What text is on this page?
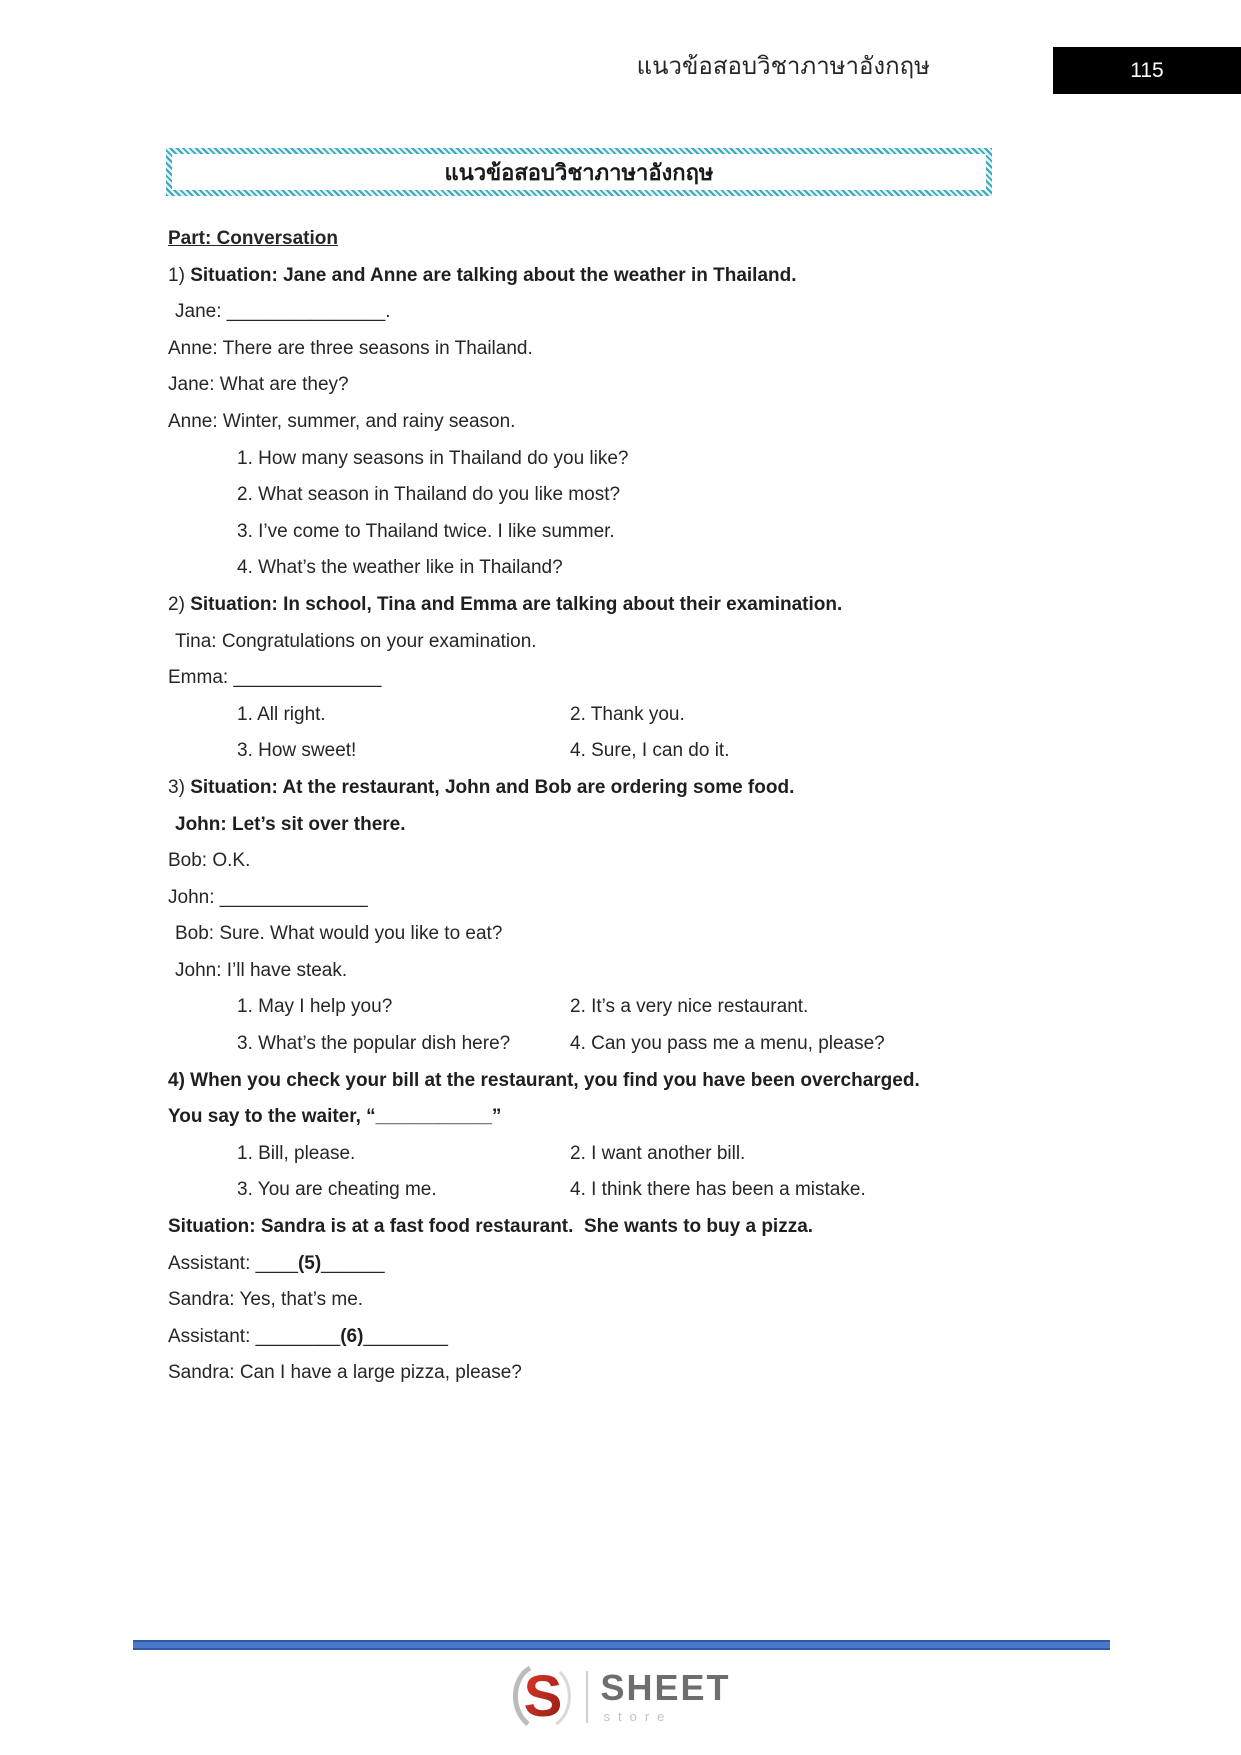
แนวข้อสอบวิชาภาษาอังกฤษ	115
แนวข้อสอบวิชาภาษาอังกฤษ
Part: Conversation
1) Situation: Jane and Anne are talking about the weather in Thailand.
Jane: _______________.
Anne: There are three seasons in Thailand.
Jane: What are they?
Anne: Winter, summer, and rainy season.
1. How many seasons in Thailand do you like?
2. What season in Thailand do you like most?
3. I’ve come to Thailand twice. I like summer.
4. What’s the weather like in Thailand?
2) Situation: In school, Tina and Emma are talking about their examination.
Tina: Congratulations on your examination.
Emma: ______________
1. All right.	2. Thank you.
3. How sweet!	4. Sure, I can do it.
3) Situation: At the restaurant, John and Bob are ordering some food.
John: Let’s sit over there.
Bob: O.K.
John: ______________
Bob: Sure. What would you like to eat?
John: I’ll have steak.
1. May I help you?	2. It’s a very nice restaurant.
3. What’s the popular dish here?	4. Can you pass me a menu, please?
4) When you check your bill at the restaurant, you find you have been overcharged.
You say to the waiter, “___________”
1. Bill, please.	2. I want another bill.
3. You are cheating me.	4. I think there has been a mistake.
Situation: Sandra is at a fast food restaurant.  She wants to buy a pizza.
Assistant: ____(5)______
Sandra: Yes, that’s me.
Assistant: ________(6)________
Sandra: Can I have a large pizza, please?
S SHEET
store
